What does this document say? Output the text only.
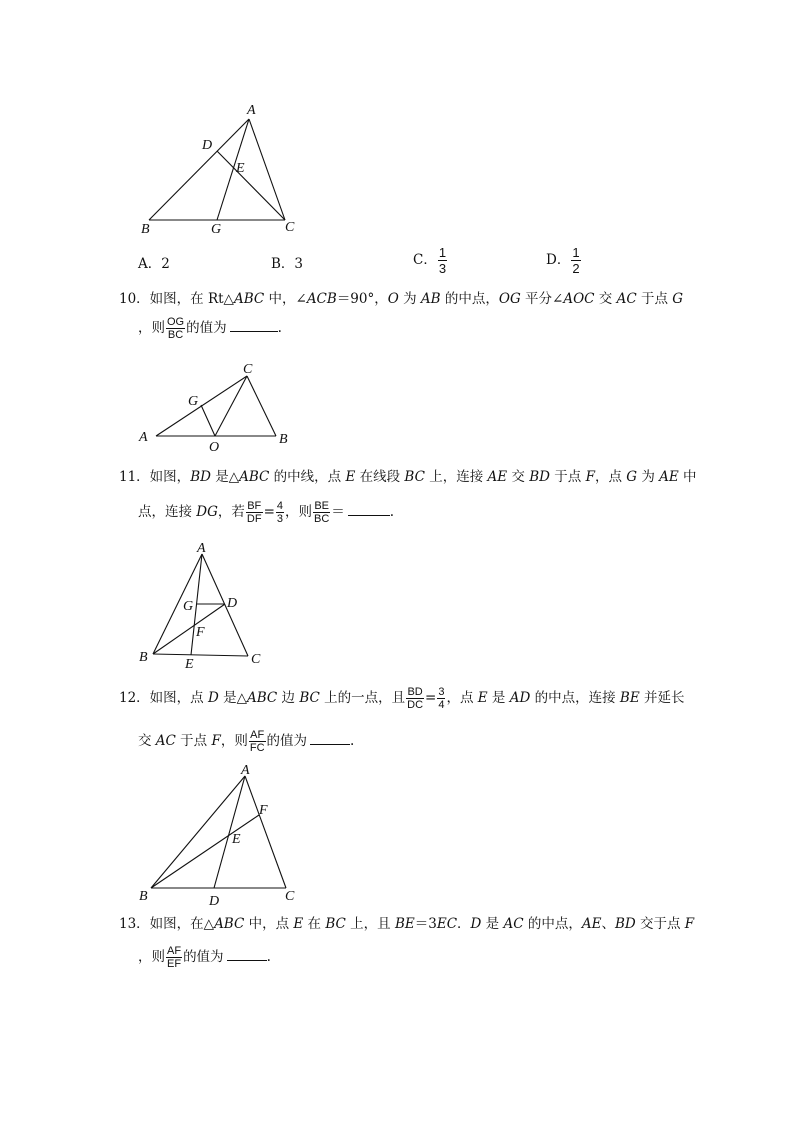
A
D
E
B	G	C
A．2	B．3	C． $\frac{1}{3}$	D． $\frac{1}{2}$
10．如图，在 Rt△ABC 中，∠ACB＝90°，O 为 AB 的中点，OG 平分∠AOC 交 AC 于点 G
，则 $\frac{OG}{BC}$ 的值为	.
C
G
A	B
O
11．如图，BD 是△ABC 的中线，点 E 在线段 BC 上，连接 AE 交 BD 于点 F，点 G 为 AE 中
点，连接 DG，若 $\frac{BF}{DF} = \frac{4}{3}$ ，则 $\frac{BE}{BC}$ ＝	.
A
G D
F
B	E	C
12．如图，点 D 是△ABC 边 BC 上的一点，且 $\frac{BD}{DC} = \frac{3}{4}$ ，点 E 是 AD 的中点，连接 BE 并延长
交 AC 于点 F，则 $\frac{AF}{FC}$ 的值为	.
A
F
E
B	D	C
13．如图，在△ABC 中，点 E 在 BC 上，且 BE＝3EC．D 是 AC 的中点，AE、BD 交于点 F
，则 $\frac{AF}{EF}$ 的值为	.
